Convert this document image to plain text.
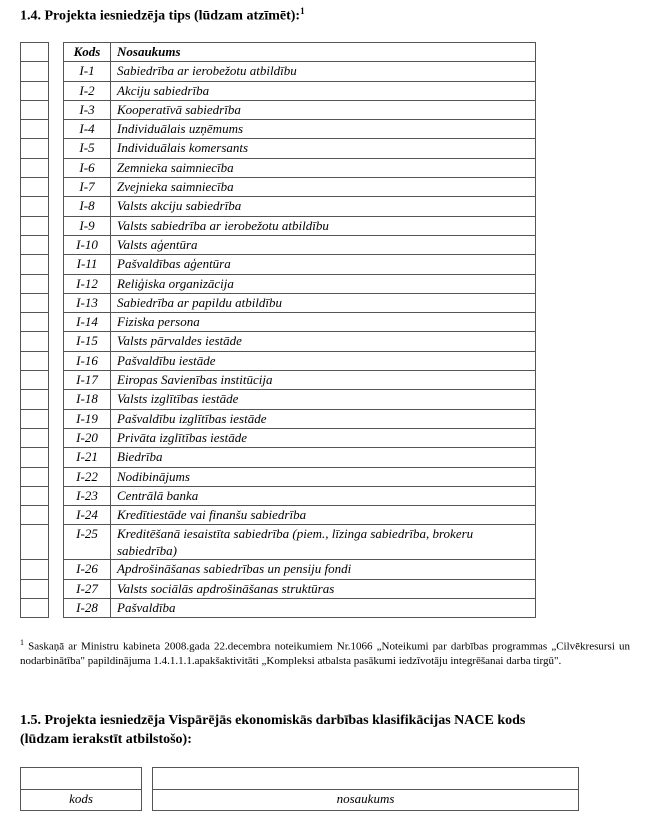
1.4. Projekta iesniedzēja tips (lūdzam atzīmēt):$^1$

		Kods	Nosaukums

		I-1	Sabiedrība ar ierobežotu atbildību

		I-2	Akciju sabiedrība

		I-3	Kooperatīvā sabiedrība

		I-4	Individuālais uzņēmums

		I-5	Individuālais komersants

		I-6	Zemnieka saimniecība

		I-7	Zvejnieka saimniecība

		I-8	Valsts akciju sabiedrība

		I-9	Valsts sabiedrība ar ierobežotu atbildību

		I-10	Valsts aģentūra

		I-11	Pašvaldības aģentūra

		I-12	Reliģiska organizācija

		I-13	Sabiedrība ar papildu atbildību

		I-14	Fiziska persona

		I-15	Valsts pārvaldes iestāde

		I-16	Pašvaldību iestāde

		I-17	Eiropas Savienības institūcija

		I-18	Valsts izglītības iestāde

		I-19	Pašvaldību izglītības iestāde

		I-20	Privāta izglītības iestāde

		I-21	Biedrība

		I-22	Nodibinājums

		I-23	Centrālā banka

		I-24	Kredītiestāde vai finanšu sabiedrība

		I-25	Kreditēšanā iesaistīta sabiedrība (piem., līzinga sabiedrība, brokeru sabiedrība)

		I-26	Apdrošināšanas sabiedrības un pensiju fondi

		I-27	Valsts sociālās apdrošināšanas struktūras

		I-28	Pašvaldība

$^1$ Saskaņā ar Ministru kabineta 2008.gada 22.decembra noteikumiem Nr.1066 „Noteikumi par darbības programmas „Cilvēkresursi un nodarbinātība" papildinājuma 1.4.1.1.1.apakšaktivitāti „Kompleksi atbalsta pasākumi iedzīvotāju integrēšanai darba tirgū".

1.5. Projekta iesniedzēja Vispārējās ekonomiskās darbības klasifikācijas NACE kods
(lūdzam ierakstīt atbilstošo):

kods	nosaukums
